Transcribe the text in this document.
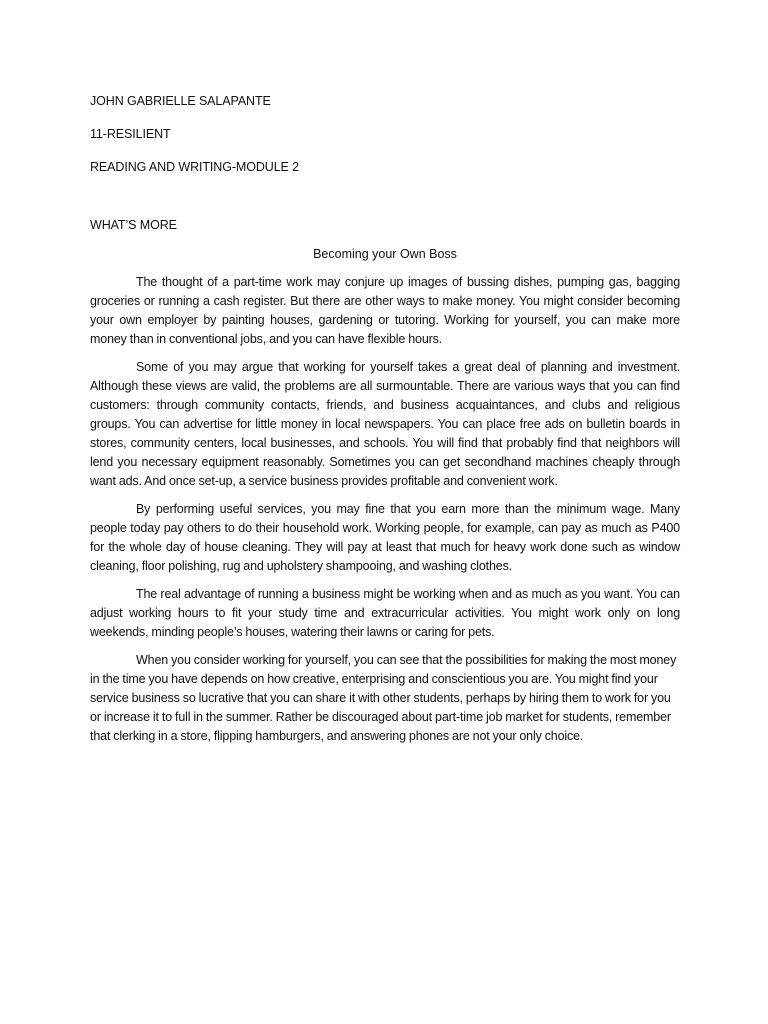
JOHN GABRIELLE SALAPANTE

11-RESILIENT

READING AND WRITING-MODULE 2

WHAT’S MORE

Becoming your Own Boss

The thought of a part-time work may conjure up images of bussing dishes, pumping gas, bagging groceries or running a cash register. But there are other ways to make money. You might consider becoming your own employer by painting houses, gardening or tutoring. Working for yourself, you can make more money than in conventional jobs, and you can have flexible hours.

Some of you may argue that working for yourself takes a great deal of planning and investment. Although these views are valid, the problems are all surmountable. There are various ways that you can find customers: through community contacts, friends, and business acquaintances, and clubs and religious groups. You can advertise for little money in local newspapers. You can place free ads on bulletin boards in stores, community centers, local businesses, and schools. You will find that probably find that neighbors will lend you necessary equipment reasonably. Sometimes you can get secondhand machines cheaply through want ads. And once set-up, a service business provides profitable and convenient work.

By performing useful services, you may fine that you earn more than the minimum wage. Many people today pay others to do their household work. Working people, for example, can pay as much as P400 for the whole day of house cleaning. They will pay at least that much for heavy work done such as window cleaning, floor polishing, rug and upholstery shampooing, and washing clothes.

The real advantage of running a business might be working when and as much as you want. You can adjust working hours to fit your study time and extracurricular activities. You might work only on long weekends, minding people’s houses, watering their lawns or caring for pets.

When you consider working for yourself, you can see that the possibilities for making the most money in the time you have depends on how creative, enterprising and conscientious you are. You might find your service business so lucrative that you can share it with other students, perhaps by hiring them to work for you or increase it to full in the summer. Rather be discouraged about part-time job market for students, remember that clerking in a store, flipping hamburgers, and answering phones are not your only choice.
